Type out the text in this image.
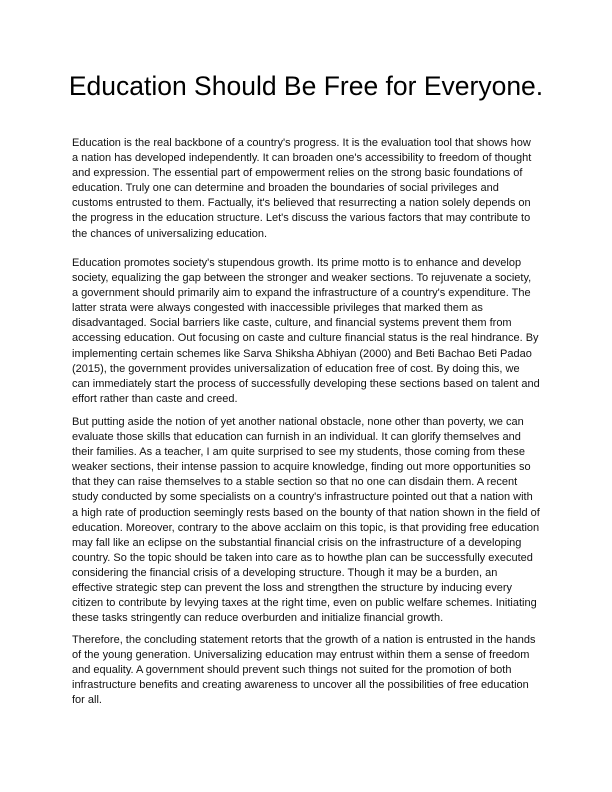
Education Should Be Free for Everyone.

Education is the real backbone of a country's progress. It is the evaluation tool that shows how
a nation has developed independently. It can broaden one's accessibility to freedom of thought
and expression. The essential part of empowerment relies on the strong basic foundations of
education. Truly one can determine and broaden the boundaries of social privileges and
customs entrusted to them. Factually, it's believed that resurrecting a nation solely depends on
the progress in the education structure. Let's discuss the various factors that may contribute to
the chances of universalizing education.

Education promotes society's stupendous growth. Its prime motto is to enhance and develop
society, equalizing the gap between the stronger and weaker sections. To rejuvenate a society,
a government should primarily aim to expand the infrastructure of a country's expenditure. The
latter strata were always congested with inaccessible privileges that marked them as
disadvantaged. Social barriers like caste, culture, and financial systems prevent them from
accessing education. Out focusing on caste and culture financial status is the real hindrance. By
implementing certain schemes like Sarva Shiksha Abhiyan (2000) and Beti Bachao Beti Padao
(2015), the government provides universalization of education free of cost. By doing this, we
can immediately start the process of successfully developing these sections based on talent and
effort rather than caste and creed.

But putting aside the notion of yet another national obstacle, none other than poverty, we can
evaluate those skills that education can furnish in an individual. It can glorify themselves and
their families. As a teacher, I am quite surprised to see my students, those coming from these
weaker sections, their intense passion to acquire knowledge, finding out more opportunities so
that they can raise themselves to a stable section so that no one can disdain them. A recent
study conducted by some specialists on a country's infrastructure pointed out that a nation with
a high rate of production seemingly rests based on the bounty of that nation shown in the field of
education. Moreover, contrary to the above acclaim on this topic, is that providing free education
may fall like an eclipse on the substantial financial crisis on the infrastructure of a developing
country. So the topic should be taken into care as to howthe plan can be successfully executed
considering the financial crisis of a developing structure. Though it may be a burden, an
effective strategic step can prevent the loss and strengthen the structure by inducing every
citizen to contribute by levying taxes at the right time, even on public welfare schemes. Initiating
these tasks stringently can reduce overburden and initialize financial growth.

Therefore, the concluding statement retorts that the growth of a nation is entrusted in the hands
of the young generation. Universalizing education may entrust within them a sense of freedom
and equality. A government should prevent such things not suited for the promotion of both
infrastructure benefits and creating awareness to uncover all the possibilities of free education
for all.
